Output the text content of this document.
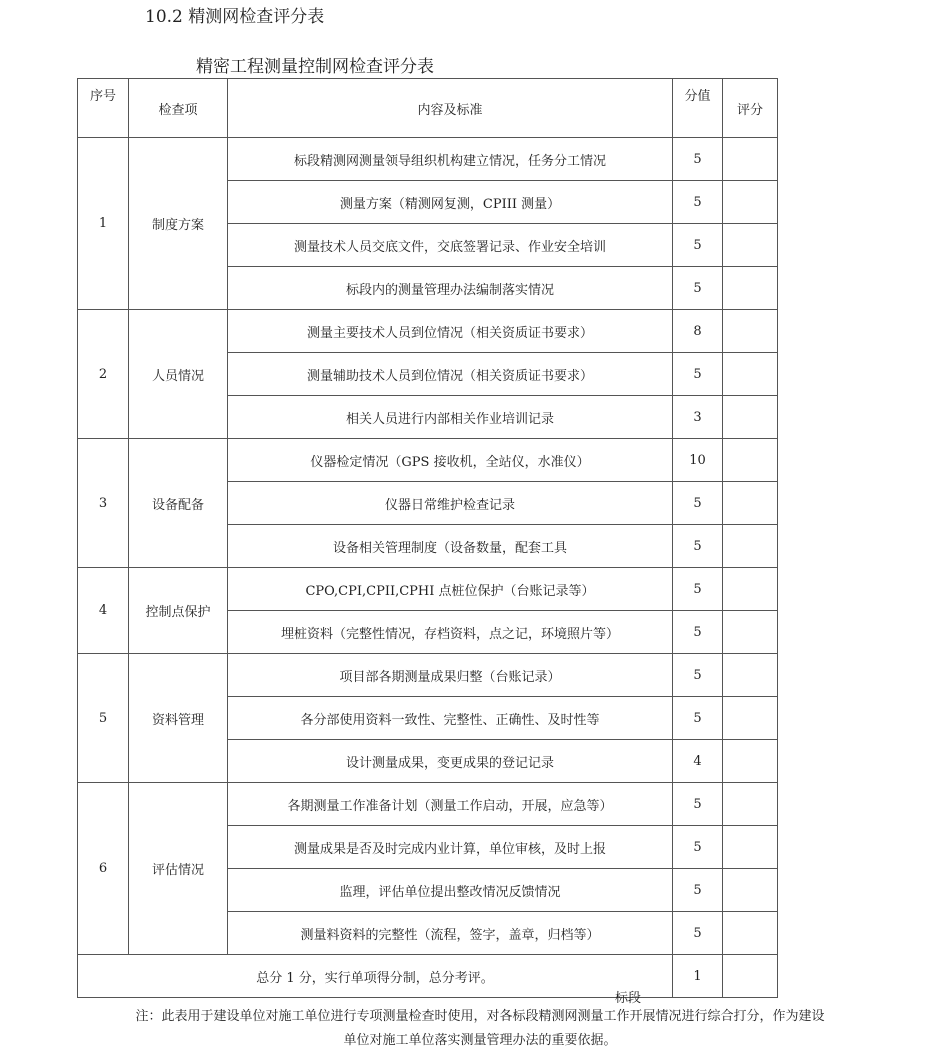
10.2 精测网检查评分表
精密工程测量控制网检查评分表
序号	检查项	内容及标准	分值	评分
1	制度方案	标段精测网测量领导组织机构建立情况，任务分工情况	5	
		测量方案（精测网复测，CPIII 测量）	5	
		测量技术人员交底文件，交底签署记录、作业安全培训	5	
		标段内的测量管理办法编制落实情况	5	
2	人员情况	测量主要技术人员到位情况（相关资质证书要求）	8	
		测量辅助技术人员到位情况（相关资质证书要求）	5	
		相关人员进行内部相关作业培训记录	3	
3	设备配备	仪器检定情况（GPS 接收机，全站仪，水准仪）	10	
		仪器日常维护检查记录	5	
		设备相关管理制度（设备数量，配套工具	5	
4	控制点保护	CPO,CPI,CPII,CPHI 点桩位保护（台账记录等）	5	
		埋桩资料（完整性情况，存档资料，点之记，环境照片等）	5	
5	资料管理	项目部各期测量成果归整（台账记录）	5	
		各分部使用资料一致性、完整性、正确性、及时性等	5	
		设计测量成果，变更成果的登记记录	4	
6	评估情况	各期测量工作准备计划（测量工作启动，开展，应急等）	5	
		测量成果是否及时完成内业计算，单位审核，及时上报	5	
		监理，评估单位提出整改情况反馈情况	5	
		测量料资料的完整性（流程，签字，盖章，归档等）	5	
总分 1 分，实行单项得分制，总分考评。			1	
标段
注：此表用于建设单位对施工单位进行专项测量检查时使用，对各标段精测网测量工作开展情况进行综合打分，作为建设单位对施工单位落实测量管理办法的重要依据。
